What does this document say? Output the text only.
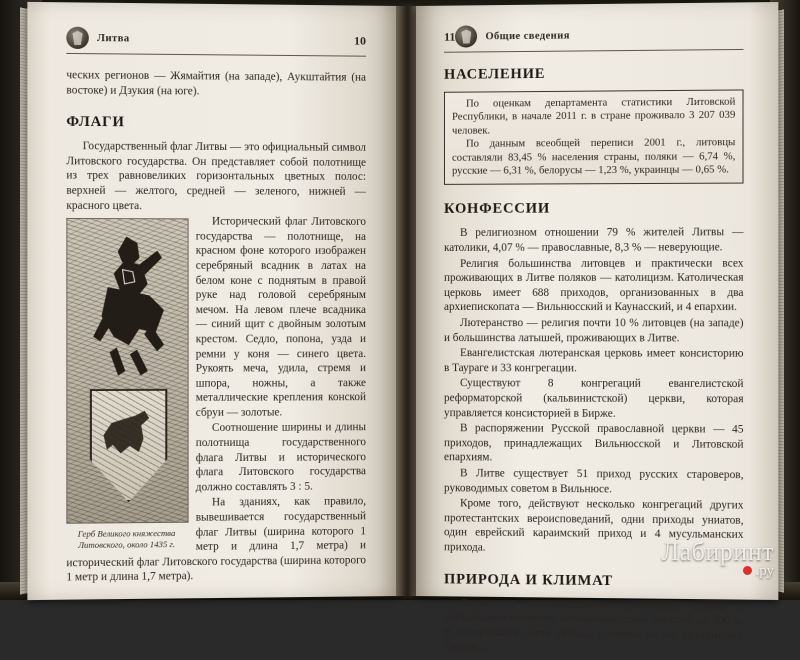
Литва	10

ческих регионов — Жямайтия (на западе), Аукштайтия (на востоке) и Дзукия (на юге).

ФЛАГИ

Государственный флаг Литвы — это официальный символ Литовского государства. Он представляет собой полотнище из трех равновеликих горизонтальных цветных полос: верхней — желтого, средней — зеленого, нижней — красного цвета.

Герб Великого княжества Литовского, около 1435 г.

Исторический флаг Литовского государства — полотнище, на красном фоне которого изображен серебряный всадник в латах на белом коне с поднятым в правой руке над головой серебряным мечом. На левом плече всадника — синий щит с двойным золотым крестом. Седло, попона, узда и ремни у коня — синего цвета. Рукоять меча, удила, стремя и шпора, ножны, а также металлические крепления конской сбруи — золотые.

Соотношение ширины и длины полотнища государственного флага Литвы и исторического флага Литовского государства должно составлять 3 : 5.

На зданиях, как правило, вывешивается государственный флаг Литвы (ширина которого 1 метр и длина 1,7 метра) и исторический флаг Литовского государства (ширина которого 1 метр и длина 1,7 метра).

11	Общие сведения
НАСЕЛЕНИЕ

По оценкам департамента статистики Литовской Республики, в начале 2011 г. в стране проживало 3 207 039 человек.

По данным всеобщей переписи 2001 г., литовцы составляли 83,45 % населения страны, поляки — 6,74 %, русские — 6,31 %, белорусы — 1,23 %, украинцы — 0,65 %.

КОНФЕССИИ

В религиозном отношении 79 % жителей Литвы — католики, 4,07 % — православные, 8,3 % — неверующие.

Религия большинства литовцев и практически всех проживающих в Литве поляков — католицизм. Католическая церковь имеет 688 приходов, организованных в два архиепископата — Вильнюсский и Каунасский, и 4 епархии.

Лютеранство — религия почти 10 % литовцев (на западе) и большинства латышей, проживающих в Литве.

Евангелистская лютеранская церковь имеет консисторию в Таураге и 33 конгрегации.

Существуют 8 конгрегаций евангелистской реформаторской (кальвинистской) церкви, которая управляется консисторией в Бирже.

В распоряжении Русской православной церкви — 45 приходов, принадлежащих Вильнюсской и Литовской епархиям.

В Литве существует 51 приход русских староверов, руководимых советом в Вильнюсе.

Кроме того, действуют несколько конгрегаций других протестантских вероисповеданий, одни приходы униатов, один еврейский караимский приход и 4 мусульманских прихода.

ПРИРОДА И КЛИМАТ

Литва — преимущественно равнинная страна с несколькими пологими возвышенностями высотой до 300 м. В центральной части Литвы, с севера на юг, протянулась Средне...

Лабиринт
.ру
